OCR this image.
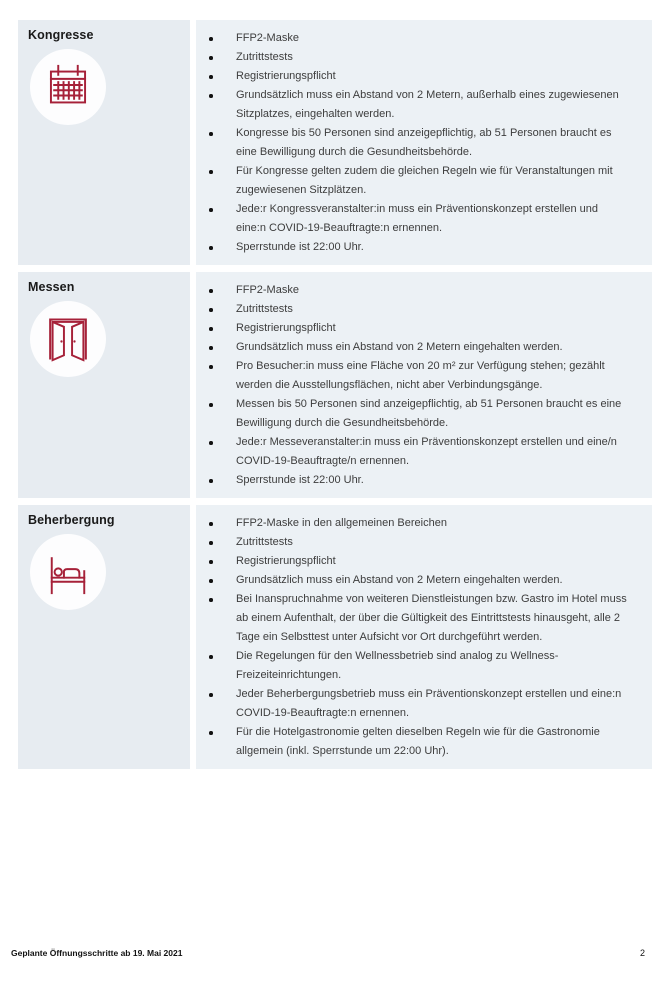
Kongresse	FFP2-Maske
Zutrittstests
Registrierungspflicht
Grundsätzlich muss ein Abstand von 2 Metern, außerhalb eines zugewiesenen Sitzplatzes, eingehalten werden.
Kongresse bis 50 Personen sind anzeigepflichtig, ab 51 Personen braucht es eine Bewilligung durch die Gesundheitsbehörde.
Für Kongresse gelten zudem die gleichen Regeln wie für Veranstaltungen mit zugewiesenen Sitzplätzen.
Jede:r Kongressveranstalter:in muss ein Präventionskonzept erstellen und eine:n COVID-19-Beauftragte:n ernennen.
Sperrstunde ist 22:00 Uhr.
Messen	FFP2-Maske
Zutrittstests
Registrierungspflicht
Grundsätzlich muss ein Abstand von 2 Metern eingehalten werden.
Pro Besucher:in muss eine Fläche von 20 m² zur Verfügung stehen; gezählt werden die Ausstellungsflächen, nicht aber Verbindungsgänge.
Messen bis 50 Personen sind anzeigepflichtig, ab 51 Personen braucht es eine Bewilligung durch die Gesundheitsbehörde.
Jede:r Messeveranstalter:in muss ein Präventionskonzept erstellen und eine/n COVID-19-Beauftragte/n ernennen.
Sperrstunde ist 22:00 Uhr.
Beherbergung	FFP2-Maske in den allgemeinen Bereichen
Zutrittstests
Registrierungspflicht
Grundsätzlich muss ein Abstand von 2 Metern eingehalten werden.
Bei Inanspruchnahme von weiteren Dienstleistungen bzw. Gastro im Hotel muss ab einem Aufenthalt, der über die Gültigkeit des Eintrittstests hinausgeht, alle 2 Tage ein Selbsttest unter Aufsicht vor Ort durchgeführt werden.
Die Regelungen für den Wellnessbetrieb sind analog zu Wellness-Freizeiteinrichtungen.
Jeder Beherbergungsbetrieb muss ein Präventionskonzept erstellen und eine:n COVID-19-Beauftragte:n ernennen.
Für die Hotelgastronomie gelten dieselben Regeln wie für die Gastronomie allgemein (inkl. Sperrstunde um 22:00 Uhr).
Geplante Öffnungsschritte ab 19. Mai 2021	2
